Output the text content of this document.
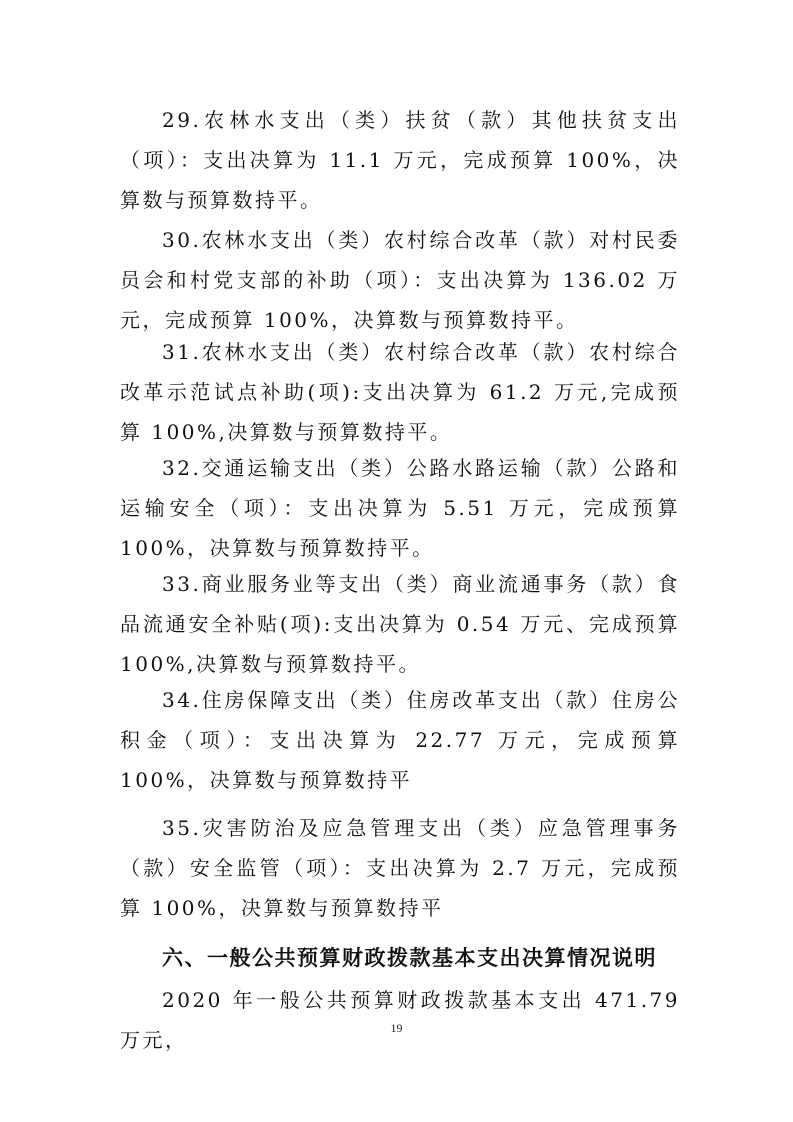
29.农林水支出（类）扶贫（款）其他扶贫支出（项）：支出决算为 11.1 万元，完成预算 100%，决算数与预算数持平。

30.农林水支出（类）农村综合改革（款）对村民委员会和村党支部的补助（项）：支出决算为 136.02 万元，完成预算 100%，决算数与预算数持平。

31.农林水支出（类）农村综合改革（款）农村综合改革示范试点补助(项):支出决算为 61.2 万元,完成预算 100%,决算数与预算数持平。

32.交通运输支出（类）公路水路运输（款）公路和运输安全（项）：支出决算为 5.51 万元，完成预算 100%，决算数与预算数持平。

33.商业服务业等支出（类）商业流通事务（款）食品流通安全补贴(项):支出决算为 0.54 万元、完成预算 100%,决算数与预算数持平。

34.住房保障支出（类）住房改革支出（款）住房公积金（项）：支出决算为 22.77 万元，完成预算 100%，决算数与预算数持平

35.灾害防治及应急管理支出（类）应急管理事务（款）安全监管（项）：支出决算为 2.7 万元，完成预算 100%，决算数与预算数持平

六、一般公共预算财政拨款基本支出决算情况说明

2020 年一般公共预算财政拨款基本支出 471.79 万元，	19
